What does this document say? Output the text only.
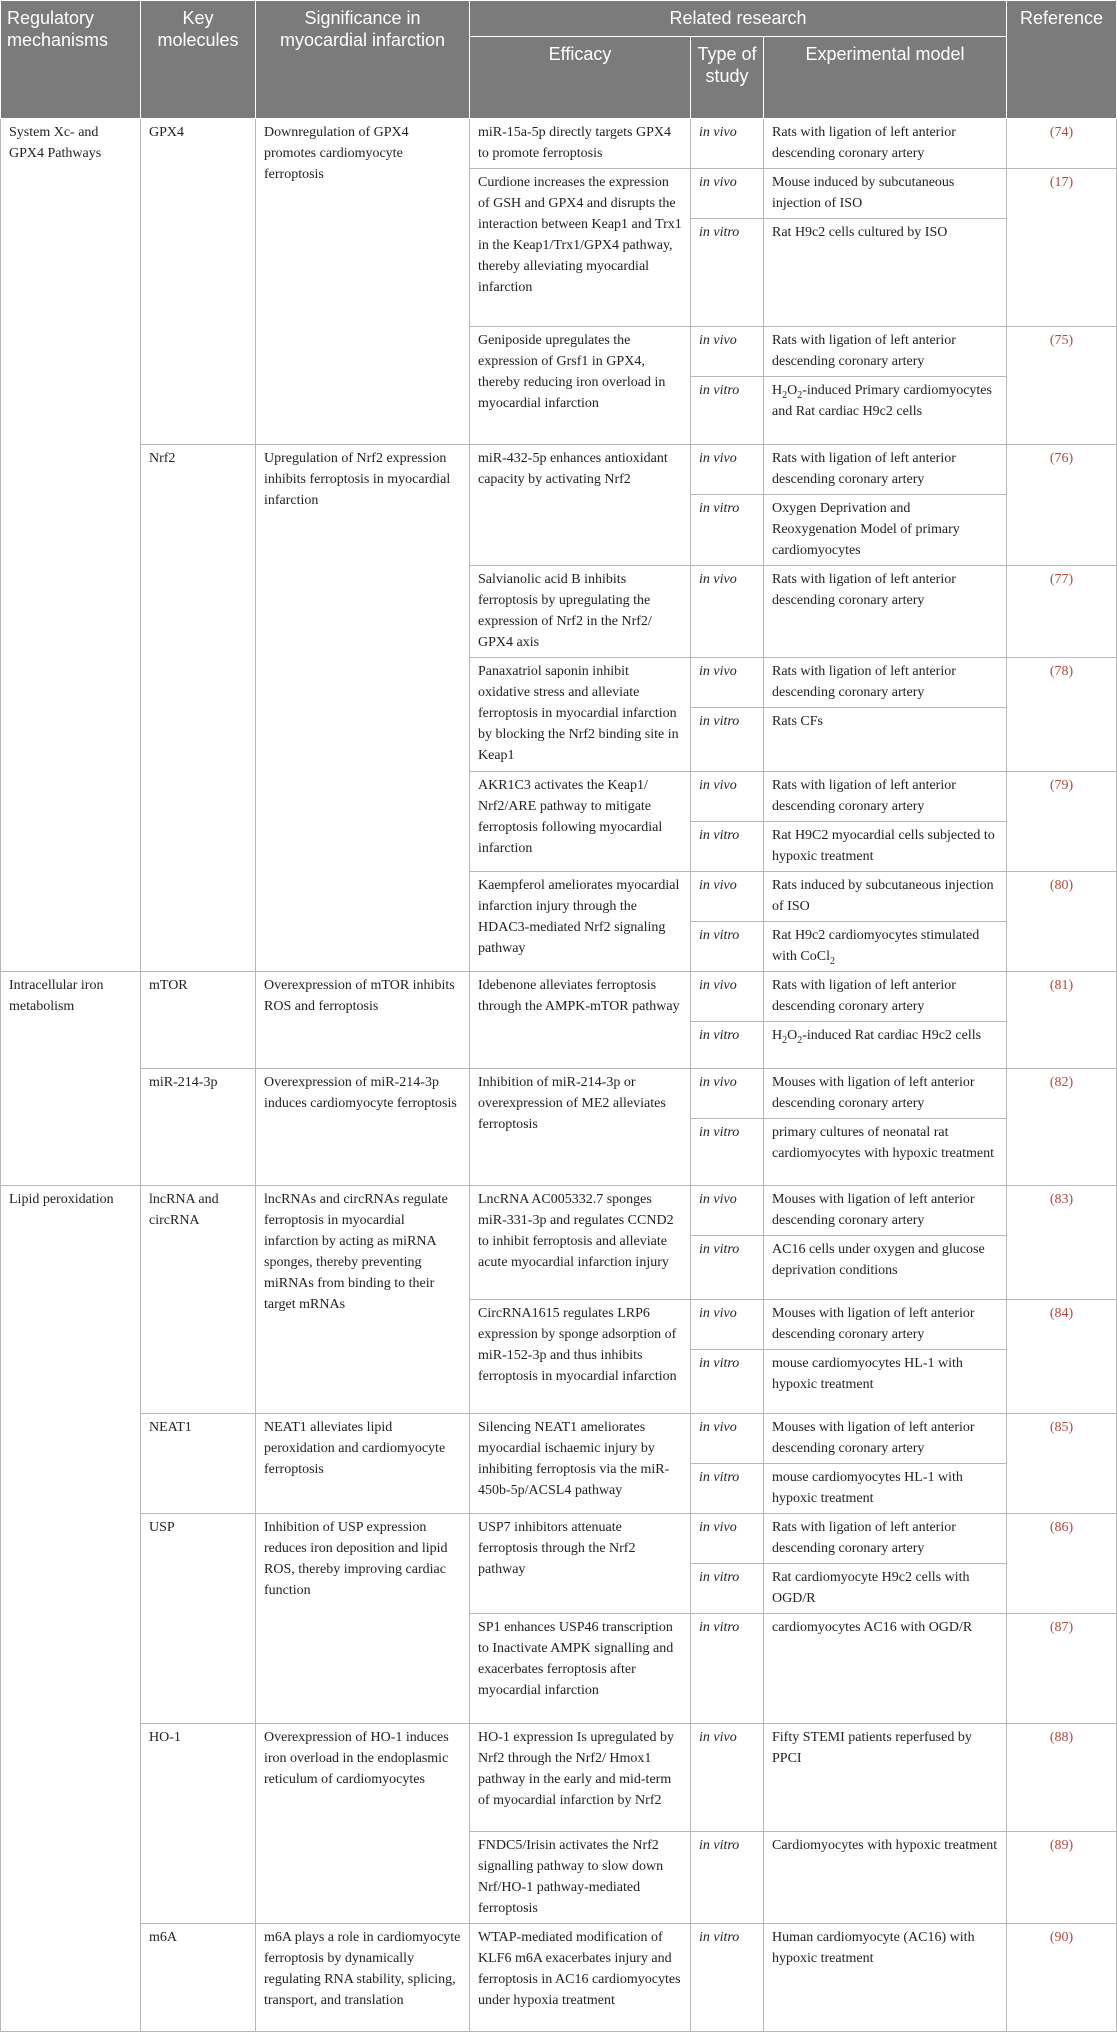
Regulatory mechanisms	Key molecules	Significance in myocardial infarction	Related research			Reference
			Efficacy	Type of study	Experimental model	
System Xc- and GPX4 Pathways	GPX4	Downregulation of GPX4 promotes cardiomyocyte ferroptosis	miR-15a-5p directly targets GPX4 to promote ferroptosis	in vivo	Rats with ligation of left anterior descending coronary artery	(74)
			Curdione increases the expression of GSH and GPX4 and disrupts the interaction between Keap1 and Trx1 in the Keap1/Trx1/GPX4 pathway, thereby alleviating myocardial infarction	in vivo	Mouse induced by subcutaneous injection of ISO	(17)
				in vitro	Rat H9c2 cells cultured by ISO	
			Geniposide upregulates the expression of Grsf1 in GPX4, thereby reducing iron overload in myocardial infarction	in vivo	Rats with ligation of left anterior descending coronary artery	(75)
				in vitro	$H_2O_2$-induced Primary cardiomyocytes and Rat cardiac H9c2 cells	
	Nrf2	Upregulation of Nrf2 expression inhibits ferroptosis in myocardial infarction	miR-432-5p enhances antioxidant capacity by activating Nrf2	in vivo	Rats with ligation of left anterior descending coronary artery	(76)
				in vitro	Oxygen Deprivation and Reoxygenation Model of primary cardiomyocytes	
			Salvianolic acid B inhibits ferroptosis by upregulating the expression of Nrf2 in the Nrf2/ GPX4 axis	in vivo	Rats with ligation of left anterior descending coronary artery	(77)
			Panaxatriol saponin inhibit oxidative stress and alleviate ferroptosis in myocardial infarction by blocking the Nrf2 binding site in Keap1	in vivo	Rats with ligation of left anterior descending coronary artery	(78)
				in vitro	Rats CFs	
			AKR1C3 activates the Keap1/ Nrf2/ARE pathway to mitigate ferroptosis following myocardial infarction	in vivo	Rats with ligation of left anterior descending coronary artery	(79)
				in vitro	Rat H9C2 myocardial cells subjected to hypoxic treatment	
			Kaempferol ameliorates myocardial infarction injury through the HDAC3-mediated Nrf2 signaling pathway	in vivo	Rats induced by subcutaneous injection of ISO	(80)
				in vitro	Rat H9c2 cardiomyocytes stimulated with CoCl$_2$
Intracellular iron metabolism	mTOR	Overexpression of mTOR inhibits ROS and ferroptosis	Idebenone alleviates ferroptosis through the AMPK-mTOR pathway	in vivo	Rats with ligation of left anterior descending coronary artery	(81)
				in vitro	$H_2O_2$-induced Rat cardiac H9c2 cells	
	miR-214-3p	Overexpression of miR-214-3p induces cardiomyocyte ferroptosis	Inhibition of miR-214-3p or overexpression of ME2 alleviates ferroptosis	in vivo	Mouses with ligation of left anterior descending coronary artery	(82)
				in vitro	primary cultures of neonatal rat cardiomyocytes with hypoxic treatment	
Lipid peroxidation	lncRNA and circRNA	lncRNAs and circRNAs regulate ferroptosis in myocardial infarction by acting as miRNA sponges, thereby preventing miRNAs from binding to their target mRNAs	LncRNA AC005332.7 sponges miR-331-3p and regulates CCND2 to inhibit ferroptosis and alleviate acute myocardial infarction injury	in vivo	Mouses with ligation of left anterior descending coronary artery	(83)
				in vitro	AC16 cells under oxygen and glucose deprivation conditions	
			CircRNA1615 regulates LRP6 expression by sponge adsorption of miR-152-3p and thus inhibits ferroptosis in myocardial infarction	in vivo	Mouses with ligation of left anterior descending coronary artery	(84)
				in vitro	mouse cardiomyocytes HL-1 with hypoxic treatment	
	NEAT1	NEAT1 alleviates lipid peroxidation and cardiomyocyte ferroptosis	Silencing NEAT1 ameliorates myocardial ischaemic injury by inhibiting ferroptosis via the miR-450b-5p/ACSL4 pathway	in vivo	Mouses with ligation of left anterior descending coronary artery	(85)
				in vitro	mouse cardiomyocytes HL-1 with hypoxic treatment	
	USP	Inhibition of USP expression reduces iron deposition and lipid ROS, thereby improving cardiac function	USP7 inhibitors attenuate ferroptosis through the Nrf2 pathway	in vivo	Rats with ligation of left anterior descending coronary artery	(86)
				in vitro	Rat cardiomyocyte H9c2 cells with OGD/R	
			SP1 enhances USP46 transcription to Inactivate AMPK signalling and exacerbates ferroptosis after myocardial infarction	in vitro	cardiomyocytes AC16 with OGD/R	(87)
	HO-1	Overexpression of HO-1 induces iron overload in the endoplasmic reticulum of cardiomyocytes	HO-1 expression Is upregulated by Nrf2 through the Nrf2/ Hmox1 pathway in the early and mid-term of myocardial infarction by Nrf2	in vivo	Fifty STEMI patients reperfused by PPCI	(88)
			FNDC5/Irisin activates the Nrf2 signalling pathway to slow down Nrf/HO-1 pathway-mediated ferroptosis	in vitro	Cardiomyocytes with hypoxic treatment	(89)
	m6A	m6A plays a role in cardiomyocyte ferroptosis by dynamically regulating RNA stability, splicing, transport, and translation	WTAP-mediated modification of KLF6 m6A exacerbates injury and ferroptosis in AC16 cardiomyocytes under hypoxia treatment	in vitro	Human cardiomyocyte (AC16) with hypoxic treatment	(90)
